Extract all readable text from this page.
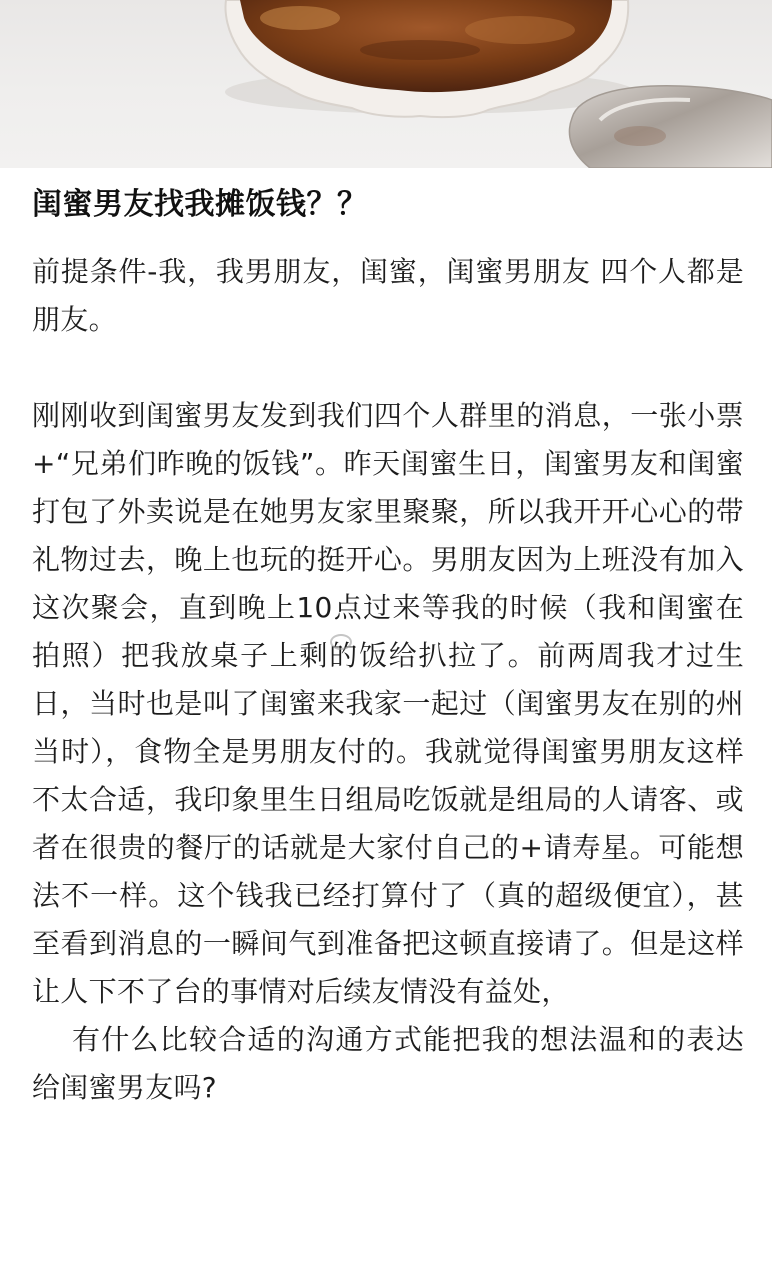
闺蜜男友找我摊饭钱？？

前提条件-我，我男朋友，闺蜜，闺蜜男朋友 四个人都是朋友。

刚刚收到闺蜜男友发到我们四个人群里的消息，一张小票+“兄弟们昨晚的饭钱”。昨天闺蜜生日，闺蜜男友和闺蜜打包了外卖说是在她男友家里聚聚，所以我开开心心的带礼物过去，晚上也玩的挺开心。男朋友因为上班没有加入这次聚会，直到晚上10点过来等我的时候（我和闺蜜在拍照）把我放桌子上剩的饭给扒拉了。前两周我才过生日，当时也是叫了闺蜜来我家一起过（闺蜜男友在别的州当时），食物全是男朋友付的。我就觉得闺蜜男朋友这样不太合适，我印象里生日组局吃饭就是组局的人请客、或者在很贵的餐厅的话就是大家付自己的+请寿星。可能想法不一样。这个钱我已经打算付了（真的超级便宜），甚至看到消息的一瞬间气到准备把这顿直接请了。但是这样让人下不了台的事情对后续友情没有益处，

有什么比较合适的沟通方式能把我的想法温和的表达给闺蜜男友吗?
